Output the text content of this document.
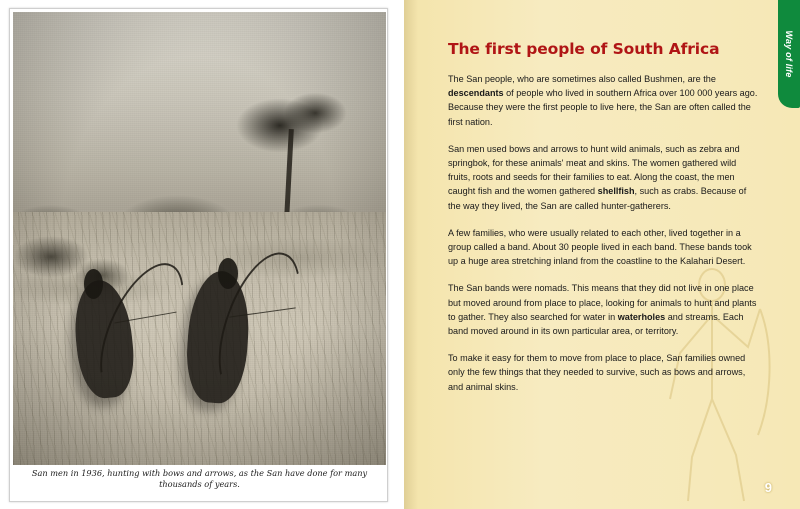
San men in 1936, hunting with bows and arrows, as the San have done for many thousands of years.
Way of life
The first people of South Africa

The San people, who are sometimes also called Bushmen, are the descendants of people who lived in southern Africa over 100 000 years ago. Because they were the first people to live here, the San are often called the first nation.

San men used bows and arrows to hunt wild animals, such as zebra and springbok, for these animals' meat and skins. The women gathered wild fruits, roots and seeds for their families to eat. Along the coast, the men caught fish and the women gathered shellfish, such as crabs. Because of the way they lived, the San are called hunter-gatherers.

A few families, who were usually related to each other, lived together in a group called a band. About 30 people lived in each band. These bands took up a huge area stretching inland from the coastline to the Kalahari Desert.

The San bands were nomads. This means that they did not live in one place but moved around from place to place, looking for animals to hunt and plants to gather. They also searched for water in waterholes and streams. Each band moved around in its own particular area, or territory.

To make it easy for them to move from place to place, San families owned only the few things that they needed to survive, such as bows and arrows, and animal skins.

9
